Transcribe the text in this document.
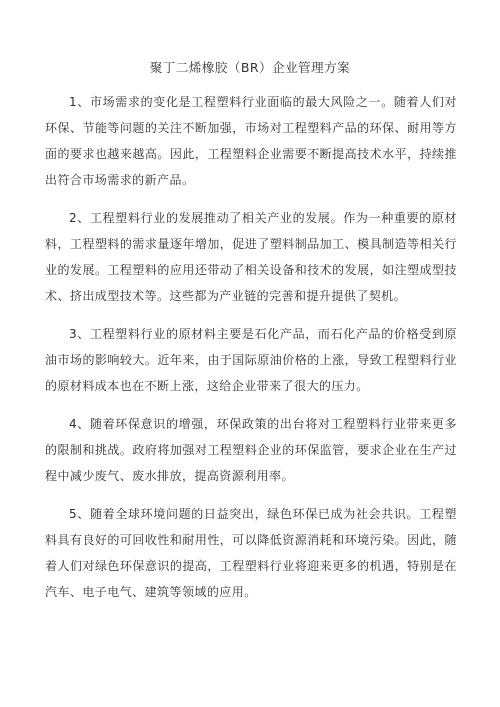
聚丁二烯橡胶（BR）企业管理方案

1、市场需求的变化是工程塑料行业面临的最大风险之一。随着人们对环保、节能等问题的关注不断加强，市场对工程塑料产品的环保、耐用等方面的要求也越来越高。因此，工程塑料企业需要不断提高技术水平，持续推出符合市场需求的新产品。

2、工程塑料行业的发展推动了相关产业的发展。作为一种重要的原材料，工程塑料的需求量逐年增加，促进了塑料制品加工、模具制造等相关行业的发展。工程塑料的应用还带动了相关设备和技术的发展，如注塑成型技术、挤出成型技术等。这些都为产业链的完善和提升提供了契机。

3、工程塑料行业的原材料主要是石化产品，而石化产品的价格受到原油市场的影响较大。近年来，由于国际原油价格的上涨，导致工程塑料行业的原材料成本也在不断上涨，这给企业带来了很大的压力。

4、随着环保意识的增强，环保政策的出台将对工程塑料行业带来更多的限制和挑战。政府将加强对工程塑料企业的环保监管，要求企业在生产过程中减少废气、废水排放，提高资源利用率。

5、随着全球环境问题的日益突出，绿色环保已成为社会共识。工程塑料具有良好的可回收性和耐用性，可以降低资源消耗和环境污染。因此，随着人们对绿色环保意识的提高，工程塑料行业将迎来更多的机遇，特别是在汽车、电子电气、建筑等领域的应用。
